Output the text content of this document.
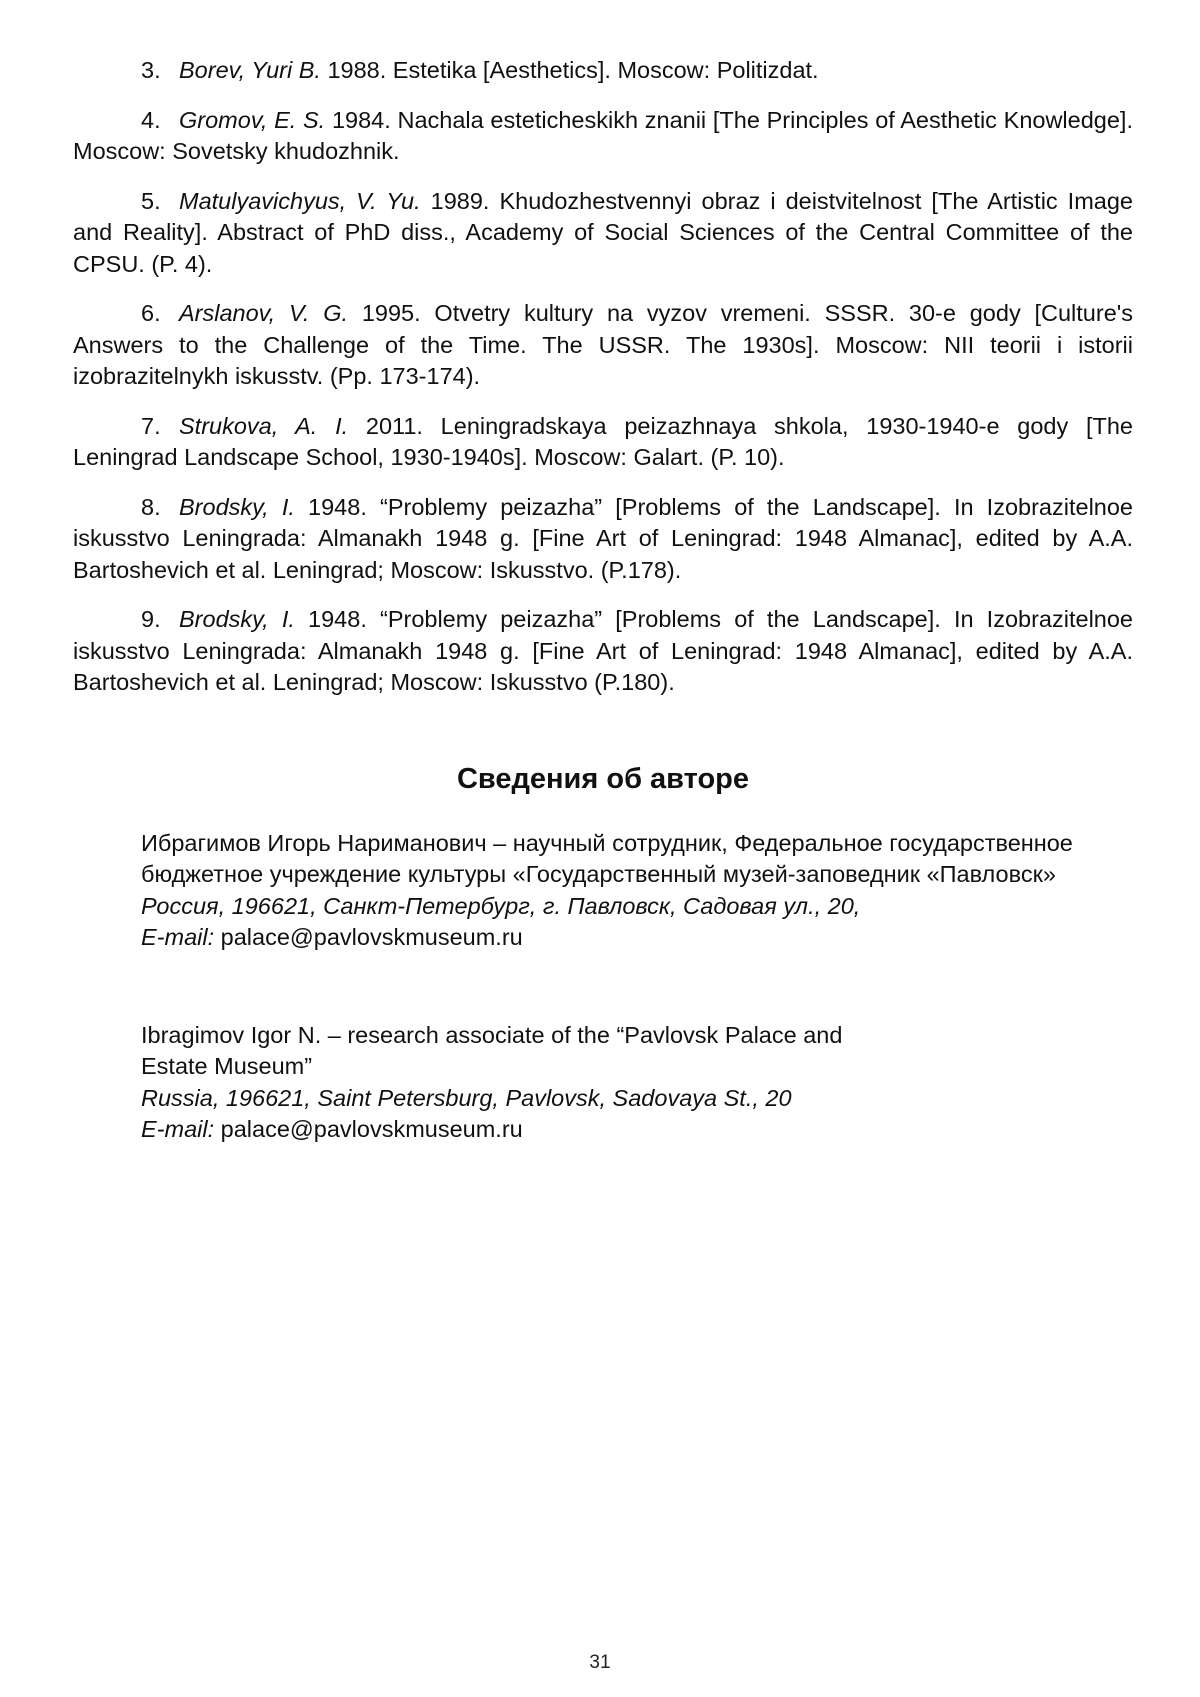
3. Borev, Yuri B. 1988. Estetika [Aesthetics]. Moscow: Politizdat.

4. Gromov, E. S. 1984. Nachala esteticheskikh znanii [The Principles of Aesthetic Knowledge]. Moscow: Sovetsky khudozhnik.

5. Matulyavichyus, V. Yu. 1989. Khudozhestvennyi obraz i deistvitelnost [The Artistic Image and Reality]. Abstract of PhD diss., Academy of Social Sciences of the Central Committee of the CPSU. (P. 4).

6. Arslanov, V. G. 1995. Otvetry kultury na vyzov vremeni. SSSR. 30-e gody [Culture's Answers to the Challenge of the Time. The USSR. The 1930s]. Moscow: NII teorii i istorii izobrazitelnykh iskusstv. (Pp. 173-174).

7. Strukova, A. I. 2011. Leningradskaya peizazhnaya shkola, 1930-1940-e gody [The Leningrad Landscape School, 1930-1940s]. Moscow: Galart. (P. 10).

8. Brodsky, I. 1948. “Problemy peizazha” [Problems of the Landscape]. In Izobrazitelnoe iskusstvo Leningrada: Almanakh 1948 g. [Fine Art of Leningrad: 1948 Almanac], edited by A.A. Bartoshevich et al. Leningrad; Moscow: Iskusstvo. (P.178).

9. Brodsky, I. 1948. “Problemy peizazha” [Problems of the Landscape]. In Izobrazitelnoe iskusstvo Leningrada: Almanakh 1948 g. [Fine Art of Leningrad: 1948 Almanac], edited by A.A. Bartoshevich et al. Leningrad; Moscow: Iskusstvo (P.180).

Сведения об авторе

Ибрагимов Игорь Нариманович – научный сотрудник, Федеральное государственное бюджетное учреждение культуры «Государственный музей-заповедник «Павловск»

Россия, 196621, Санкт-Петербург, г. Павловск, Садовая ул., 20,

E-mail: palace@pavlovskmuseum.ru

Ibragimov Igor N. – research associate of the “Pavlovsk Palace and Estate Museum”

Russia, 196621, Saint Petersburg, Pavlovsk, Sadovaya St., 20

E-mail: palace@pavlovskmuseum.ru

31
